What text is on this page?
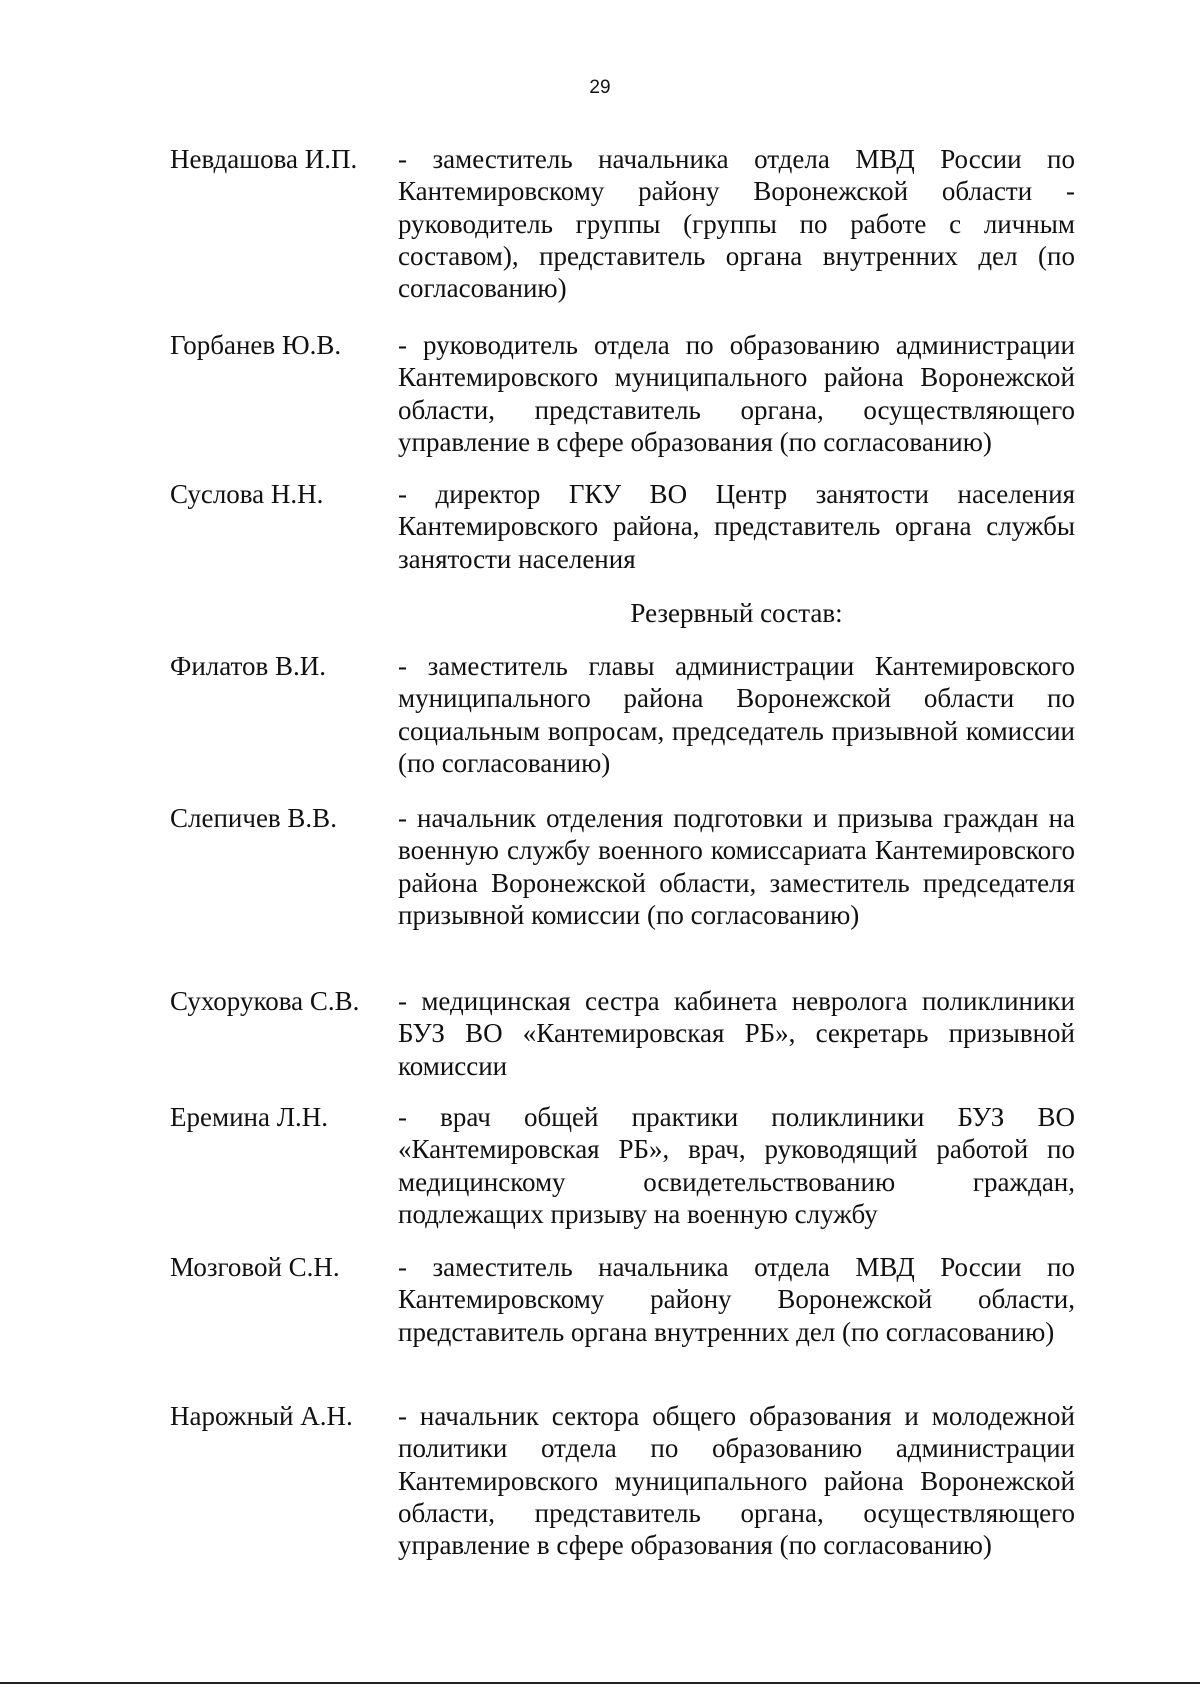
29
Невдашова И.П.	- заместитель начальника отдела МВД России по Кантемировскому району Воронежской области - руководитель группы (группы по работе с личным составом), представитель органа внутренних дел (по согласованию)
Горбанев Ю.В.	- руководитель отдела по образованию администрации Кантемировского муниципального района Воронежской области, представитель органа, осуществляющего управление в сфере образования (по согласованию)
Суслова Н.Н.	- директор ГКУ ВО Центр занятости населения Кантемировского района, представитель органа службы занятости населения
Резервный состав:
Филатов В.И.	- заместитель главы администрации Кантемировского муниципального района Воронежской области по социальным вопросам, председатель призывной комиссии (по согласованию)
Слепичев В.В.	- начальник отделения подготовки и призыва граждан на военную службу военного комиссариата Кантемировского района Воронежской области, заместитель председателя призывной комиссии (по согласованию)
Сухорукова С.В.	- медицинская сестра кабинета невролога поликлиники БУЗ ВО «Кантемировская РБ», секретарь призывной комиссии
Еремина Л.Н.	- врач общей практики поликлиники БУЗ ВО «Кантемировская РБ», врач, руководящий работой по медицинскому освидетельствованию граждан, подлежащих призыву на военную службу
Мозговой С.Н.	- заместитель начальника отдела МВД России по Кантемировскому району Воронежской области, представитель органа внутренних дел (по согласованию)
Нарожный А.Н.	- начальник сектора общего образования и молодежной политики отдела по образованию администрации Кантемировского муниципального района Воронежской области, представитель органа, осуществляющего управление в сфере образования (по согласованию)
